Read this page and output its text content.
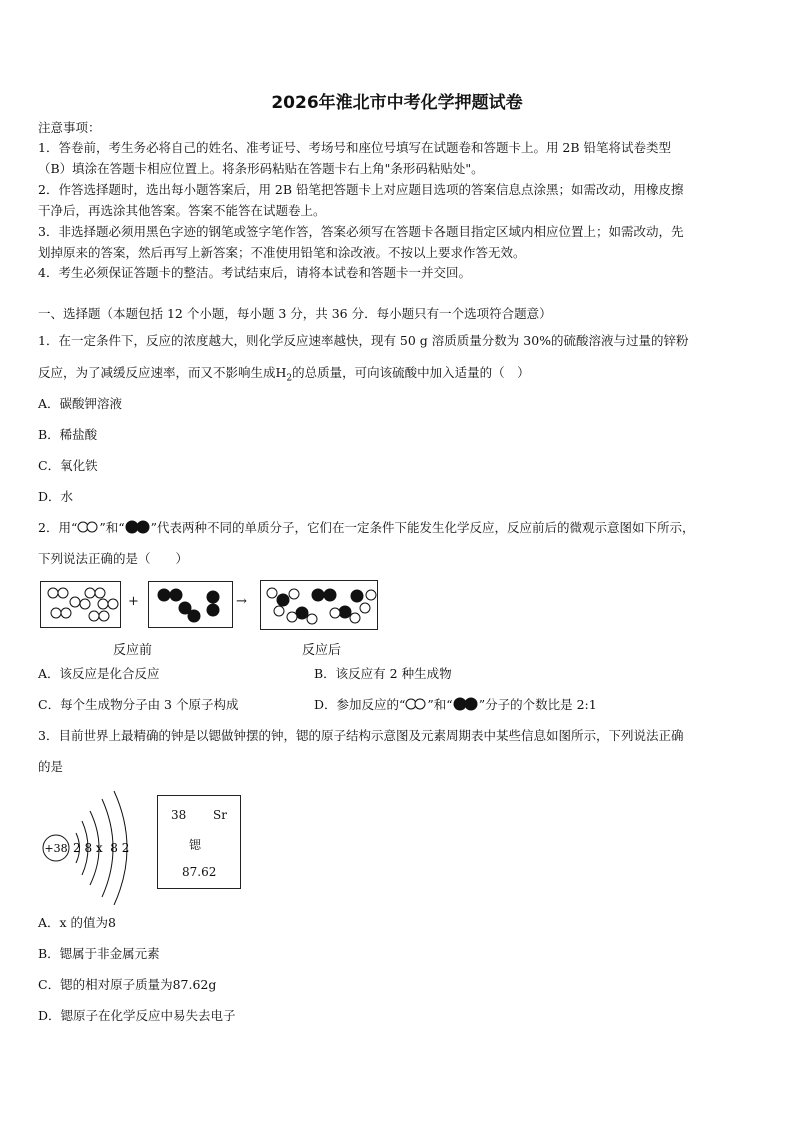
2026年淮北市中考化学押题试卷
注意事项：
1．答卷前，考生务必将自己的姓名、准考证号、考场号和座位号填写在试题卷和答题卡上。用 2B 铅笔将试卷类型
（B）填涂在答题卡相应位置上。将条形码粘贴在答题卡右上角"条形码粘贴处"。
2．作答选择题时，选出每小题答案后，用 2B 铅笔把答题卡上对应题目选项的答案信息点涂黑；如需改动，用橡皮擦
干净后，再选涂其他答案。答案不能答在试题卷上。
3．非选择题必须用黑色字迹的钢笔或签字笔作答，答案必须写在答题卡各题目指定区域内相应位置上；如需改动，先
划掉原来的答案，然后再写上新答案；不准使用铅笔和涂改液。不按以上要求作答无效。
4．考生必须保证答题卡的整洁。考试结束后，请将本试卷和答题卡一并交回。
一、选择题（本题包括 12 个小题，每小题 3 分，共 36 分．每小题只有一个选项符合题意）
1．在一定条件下，反应的浓度越大，则化学反应速率越快，现有 50 g 溶质质量分数为 30%的硫酸溶液与过量的锌粉
反应，为了减缓反应速率，而又不影响生成$H_2$的总质量，可向该硫酸中加入适量的（　）
A．碳酸钾溶液
B．稀盐酸
C．氧化铁
D．水
2．用“ ”和“ ”代表两种不同的单质分子，它们在一定条件下能发生化学反应，反应前后的微观示意图如下所示，
下列说法正确的是（　　）
+	→
反应前	反应后
A．该反应是化合反应	B．该反应有 2 种生成物
C．每个生成物分子由 3 个原子构成	D．参加反应的“ ”和“ ”分子的个数比是 2:1
3．目前世界上最精确的钟是以锶做钟摆的钟，锶的原子结构示意图及元素周期表中某些信息如图所示，下列说法正确
的是
+38 2 8 x  8 2
38 Sr
锶
87.62
A．x 的值为8
B．锶属于非金属元素
C．锶的相对原子质量为87.62g
D．锶原子在化学反应中易失去电子
